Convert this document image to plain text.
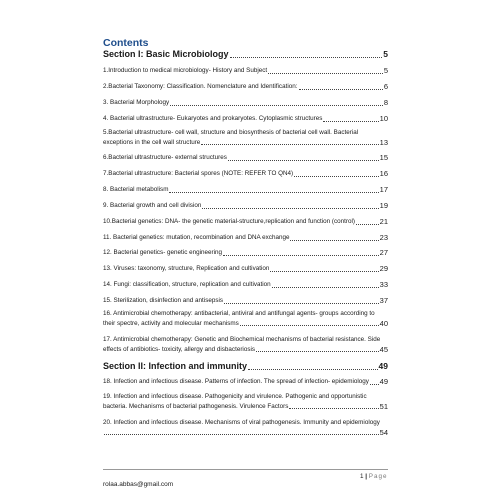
Contents
Section I: Basic Microbiology	5
1.Introduction to medical microbiology- History and Subject	5
2.Bacterial Taxonomy: Classification. Nomenclature and Identification:	6
3. Bacterial Morphology	8
4. Bacterial ultrastructure- Eukaryotes and prokaryotes. Cytoplasmic structures	10
5.Bacterial ultrastructure- cell wall, structure and biosynthesis of bacterial cell wall. Bacterial
exceptions in the cell wall structure	13
6.Bacterial ultrastructure- external structures	15
7.Bacterial ultrastructure: Bacterial spores (NOTE: REFER TO QN4)	16
8. Bacterial metabolism	17
9. Bacterial growth and cell division	19
10.Bacterial genetics: DNA- the genetic material-structure,replication and function (control)	21
11. Bacterial genetics: mutation, recombination and DNA exchange	23
12. Bacterial genetics- genetic engineering	27
13. Viruses: taxonomy, structure, Replication and cultivation	29
14. Fungi: classification, structure, replication and cultivation	33
15. Sterilization, disinfection and antisepsis	37
16. Antimicrobial chemotherapy: antibacterial, antiviral and antifungal agents- groups according to
their spectre, activity and molecular mechanisms	40
17. Antimicrobial chemotherapy: Genetic and Biochemical mechanisms of bacterial resistance. Side
effects of antibiotics- toxicity, allergy and disbacteriosis	45
Section II: Infection and immunity	49
18. Infection and infectious disease. Patterns of infection. The spread of infection- epidemiology 49
19. Infection and infectious disease. Pathogenicity and virulence. Pathogenic and opportunistic
bacteria. Mechanisms of bacterial pathogenesis. Virulence Factors	51
20. Infection and infectious disease. Mechanisms of viral pathogenesis. Immunity and epidemiology
54
1 | Page
rolaa.abbas@gmail.com
